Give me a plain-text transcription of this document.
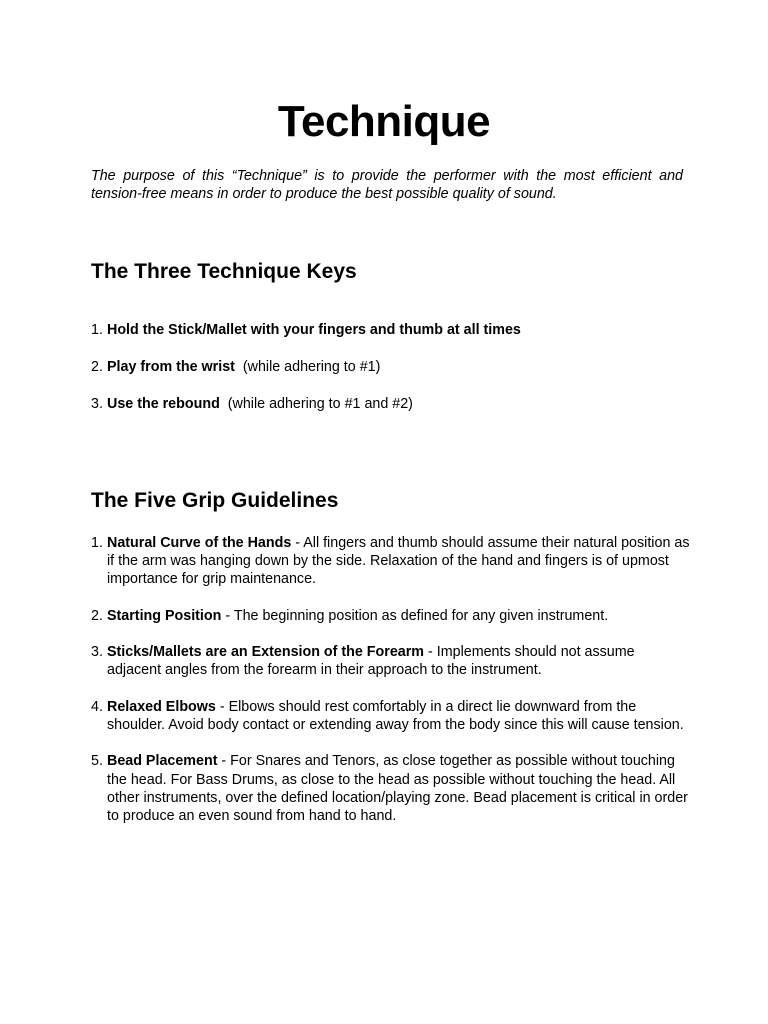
Technique

The purpose of this “Technique” is to provide the performer with the most efficient and tension-free means in order to produce the best possible quality of sound.

The Three Technique Keys
1. Hold the Stick/Mallet with your fingers and thumb at all times
2. Play from the wrist  (while adhering to #1)
3. Use the rebound  (while adhering to #1 and #2)
The Five Grip Guidelines
1. Natural Curve of the Hands - All fingers and thumb should assume their natural position as if the arm was hanging down by the side. Relaxation of the hand and fingers is of upmost importance for grip maintenance.
2. Starting Position - The beginning position as defined for any given instrument.
3. Sticks/Mallets are an Extension of the Forearm - Implements should not assume adjacent angles from the forearm in their approach to the instrument.
4. Relaxed Elbows - Elbows should rest comfortably in a direct lie downward from the shoulder. Avoid body contact or extending away from the body since this will cause tension.
5. Bead Placement - For Snares and Tenors, as close together as possible without touching the head. For Bass Drums, as close to the head as possible without touching the head. All other instruments, over the defined location/playing zone. Bead placement is critical in order to produce an even sound from hand to hand.
